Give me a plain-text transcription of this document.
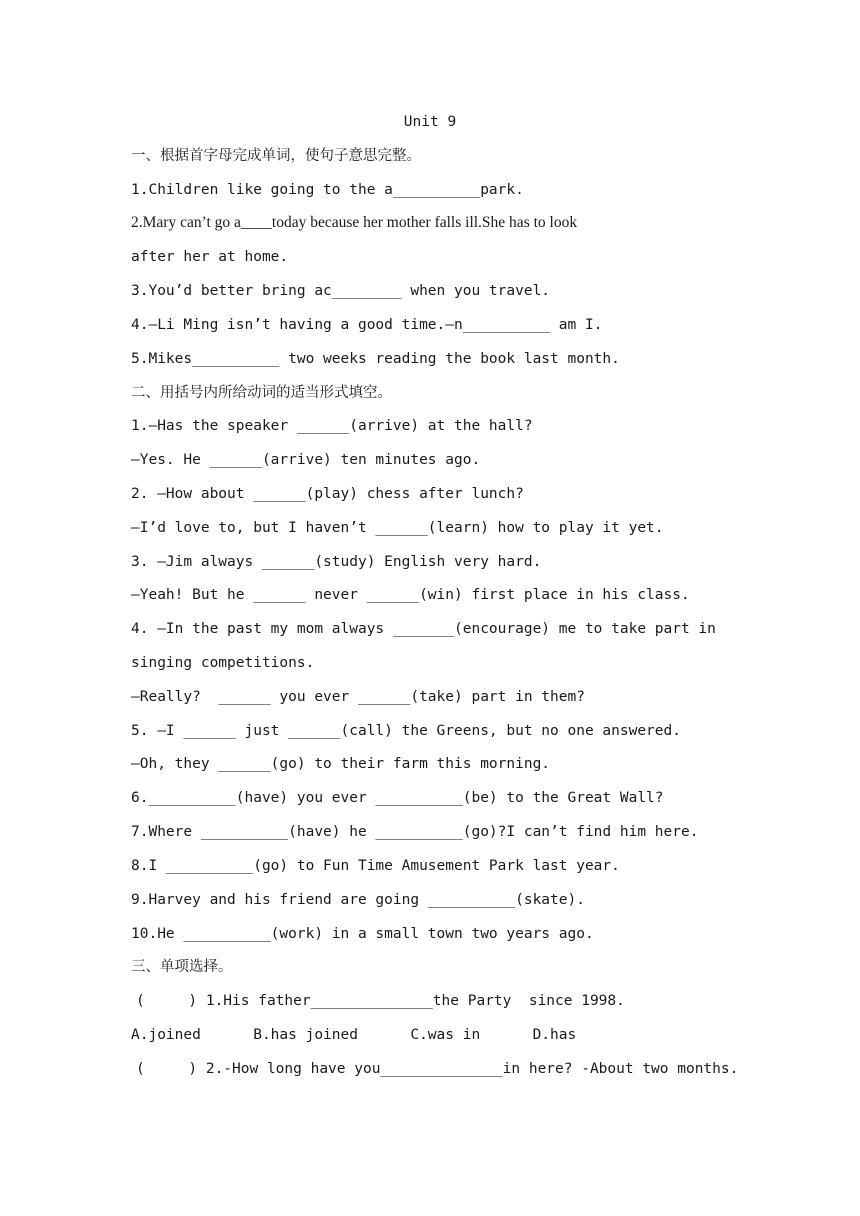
Unit 9
一、根据首字母完成单词，使句子意思完整。
1.Children like going to the a__________park.
2.Mary can’t go a____today because her mother falls ill.She has to look
after her at home.
3.You’d better bring ac________ when you travel.
4.—Li Ming isn’t having a good time.—n__________ am I.
5.Mikes__________ two weeks reading the book last month.
二、用括号内所给动词的适当形式填空。
1.—Has the speaker ______(arrive) at the hall?
—Yes. He ______(arrive) ten minutes ago.
2. —How about ______(play) chess after lunch?
—I’d love to, but I haven’t ______(learn) how to play it yet.
3. —Jim always ______(study) English very hard.
—Yeah! But he ______ never ______(win) first place in his class.
4. —In the past my mom always _______(encourage) me to take part in
singing competitions.
—Really?  ______ you ever ______(take) part in them?
5. —I ______ just ______(call) the Greens, but no one answered.
—Oh, they ______(go) to their farm this morning.
6.__________(have) you ever __________(be) to the Great Wall?
7.Where __________(have) he __________(go)?I can’t find him here.
8.I __________(go) to Fun Time Amusement Park last year.
9.Harvey and his friend are going __________(skate).
10.He __________(work) in a small town two years ago.
三、单项选择。
(     ) 1.His father______________the Party  since 1998.
A.joined      B.has joined      C.was in      D.has
(     ) 2.-How long have you______________in here? -About two months.
